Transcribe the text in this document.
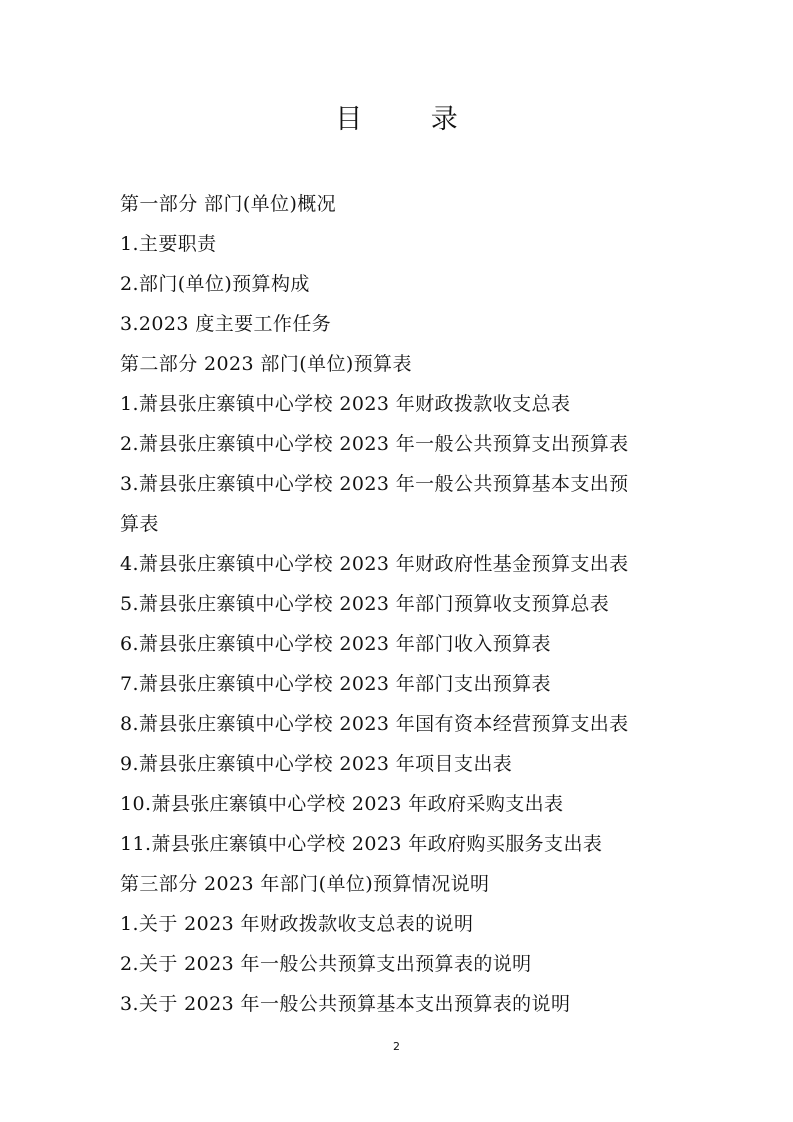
目 录
第一部分 部门(单位)概况
1.主要职责
2.部门(单位)预算构成
3.2023 度主要工作任务
第二部分 2023 部门(单位)预算表
1.萧县张庄寨镇中心学校 2023 年财政拨款收支总表
2.萧县张庄寨镇中心学校 2023 年一般公共预算支出预算表
3.萧县张庄寨镇中心学校 2023 年一般公共预算基本支出预
算表
4.萧县张庄寨镇中心学校 2023 年财政府性基金预算支出表
5.萧县张庄寨镇中心学校 2023 年部门预算收支预算总表
6.萧县张庄寨镇中心学校 2023 年部门收入预算表
7.萧县张庄寨镇中心学校 2023 年部门支出预算表
8.萧县张庄寨镇中心学校 2023 年国有资本经营预算支出表
9.萧县张庄寨镇中心学校 2023 年项目支出表
10.萧县张庄寨镇中心学校 2023 年政府采购支出表
11.萧县张庄寨镇中心学校 2023 年政府购买服务支出表
第三部分 2023 年部门(单位)预算情况说明
1.关于 2023 年财政拨款收支总表的说明
2.关于 2023 年一般公共预算支出预算表的说明
3.关于 2023 年一般公共预算基本支出预算表的说明
2
